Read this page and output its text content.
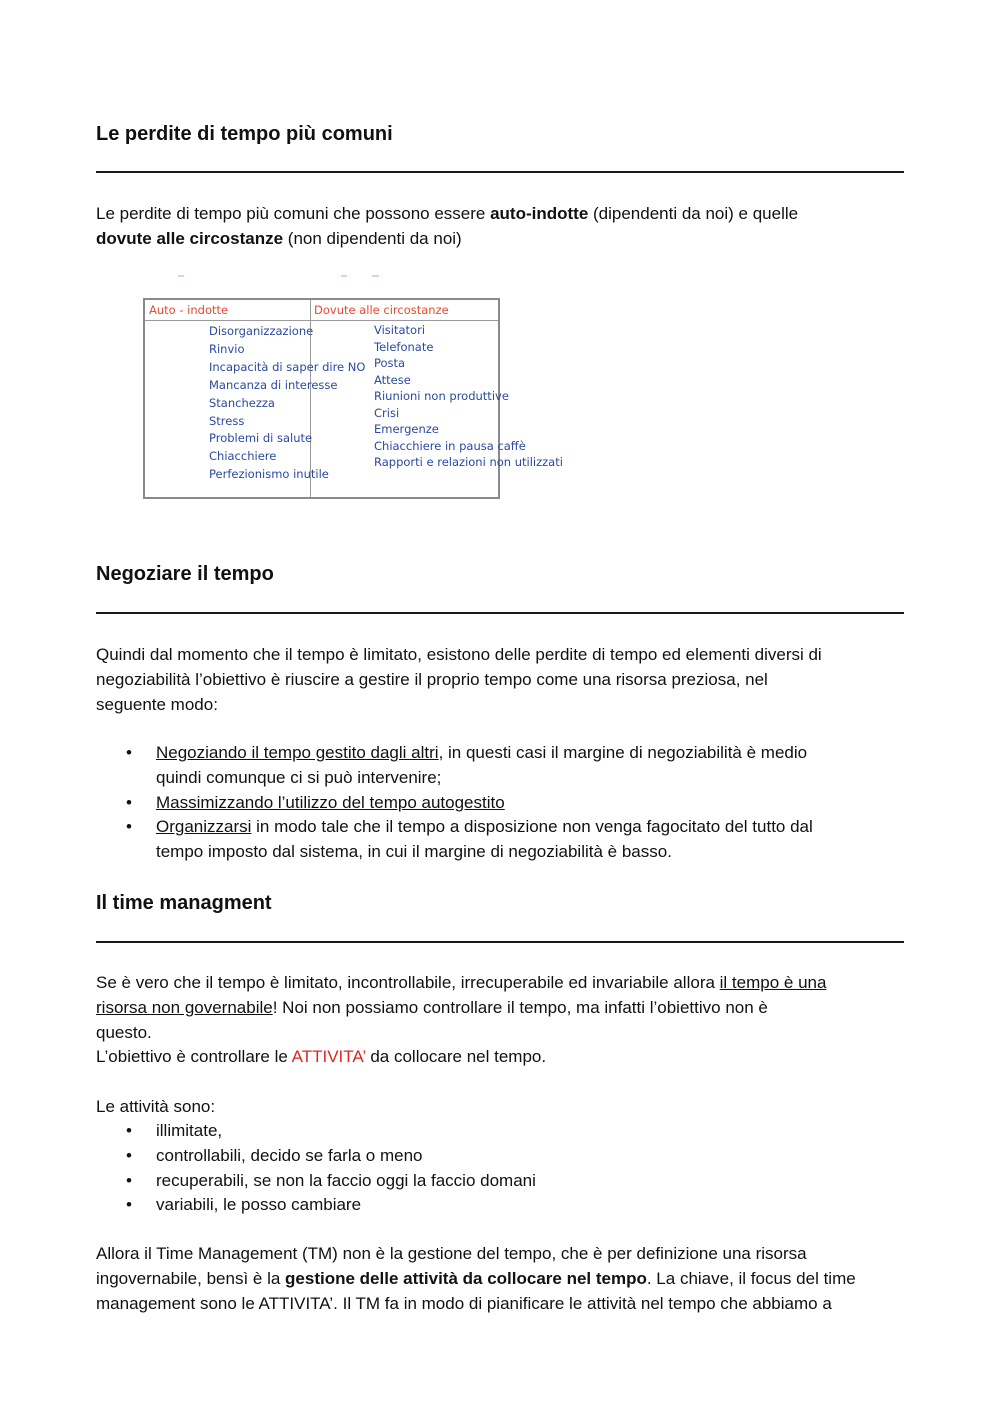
Le perdite di tempo più comuni

Le perdite di tempo più comuni che possono essere auto-indotte (dipendenti da noi) e quelle
dovute alle circostanze (non dipendenti da noi)

Auto - indotte	Dovute alle circostanze
Disorganizzazione
Rinvio
Incapacità di saper dire NO
Mancanza di interesse
Stanchezza
Stress
Problemi di salute
Chiacchiere
Perfezionismo inutile
Visitatori
Telefonate
Posta
Attese
Riunioni non produttive
Crisi
Emergenze
Chiacchiere in pausa caffè
Rapporti e relazioni non utilizzati
Negoziare il tempo

Quindi dal momento che il tempo è limitato, esistono delle perdite di tempo ed elementi diversi di
negoziabilità l’obiettivo è riuscire a gestire il proprio tempo come una risorsa preziosa, nel
seguente modo:

• Negoziando il tempo gestito dagli altri, in questi casi il margine di negoziabilità è medio
quindi comunque ci si può intervenire;
• Massimizzando l’utilizzo del tempo autogestito
• Organizzarsi in modo tale che il tempo a disposizione non venga fagocitato del tutto dal
tempo imposto dal sistema, in cui il margine di negoziabilità è basso.
Il time managment

Se è vero che il tempo è limitato, incontrollabile, irrecuperabile ed invariabile allora il tempo è una
risorsa non governabile! Noi non possiamo controllare il tempo, ma infatti l’obiettivo non è
questo.
L’obiettivo è controllare le ATTIVITA’ da collocare nel tempo.

Le attività sono:

• illimitate,
• controllabili, decido se farla o meno
• recuperabili, se non la faccio oggi la faccio domani
• variabili, le posso cambiare

Allora il Time Management (TM) non è la gestione del tempo, che è per definizione una risorsa
ingovernabile, bensì è la gestione delle attività da collocare nel tempo. La chiave, il focus del time
management sono le ATTIVITA’. Il TM fa in modo di pianificare le attività nel tempo che abbiamo a
